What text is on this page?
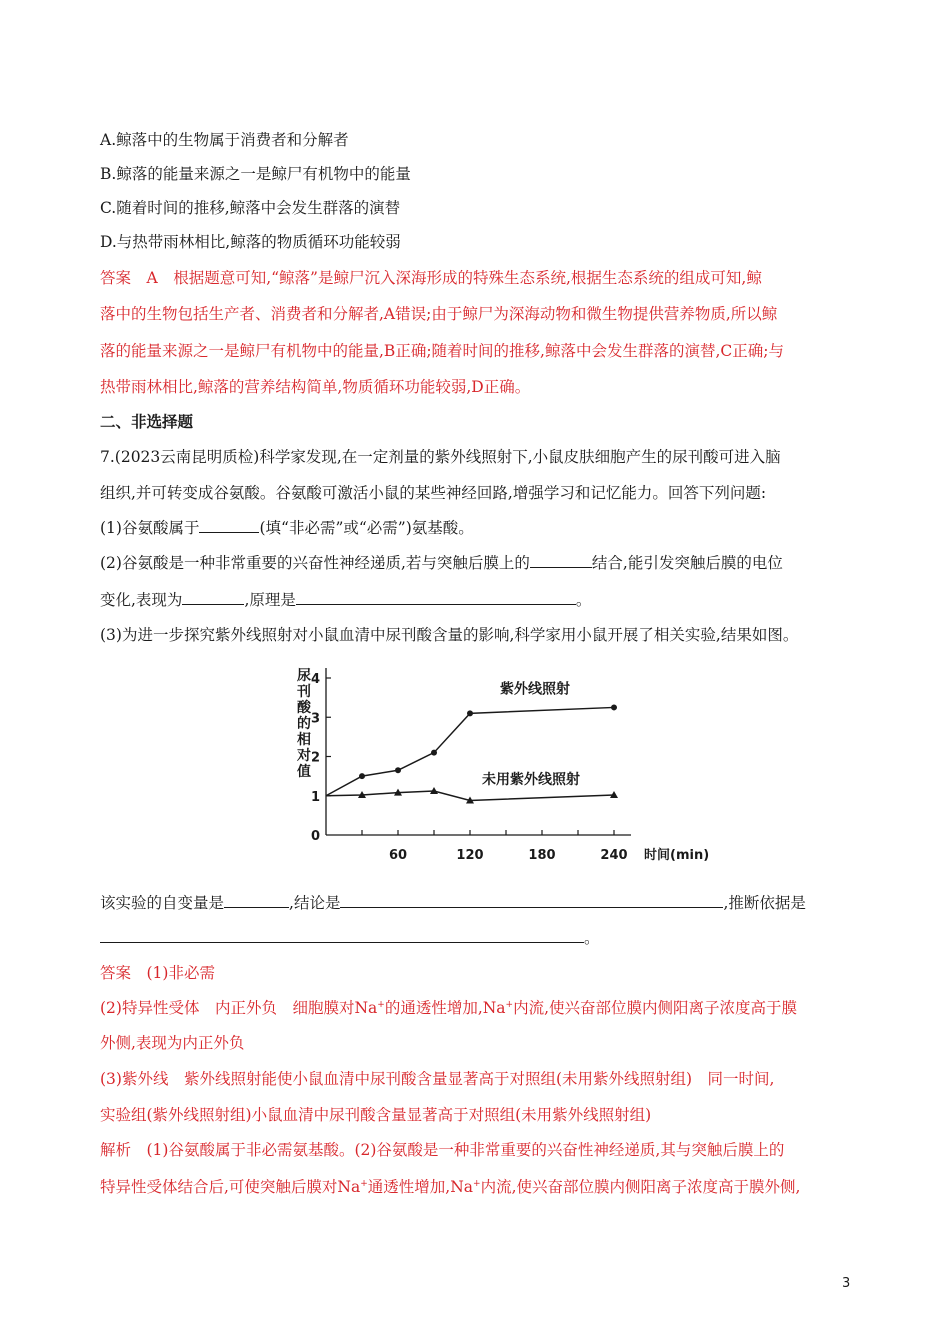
A.鲸落中的生物属于消费者和分解者
B.鲸落的能量来源之一是鲸尸有机物中的能量
C.随着时间的推移,鲸落中会发生群落的演替
D.与热带雨林相比,鲸落的物质循环功能较弱
答案　A　根据题意可知,“鲸落”是鲸尸沉入深海形成的特殊生态系统,根据生态系统的组成可知,鲸
落中的生物包括生产者、消费者和分解者,A错误;由于鲸尸为深海动物和微生物提供营养物质,所以鲸
落的能量来源之一是鲸尸有机物中的能量,B正确;随着时间的推移,鲸落中会发生群落的演替,C正确;与
热带雨林相比,鲸落的营养结构简单,物质循环功能较弱,D正确。
二、非选择题
7.(2023云南昆明质检)科学家发现,在一定剂量的紫外线照射下,小鼠皮肤细胞产生的尿刊酸可进入脑
组织,并可转变成谷氨酸。谷氨酸可激活小鼠的某些神经回路,增强学习和记忆能力。回答下列问题:
(1)谷氨酸属于	(填“非必需”或“必需”)氨基酸。
(2)谷氨酸是一种非常重要的兴奋性神经递质,若与突触后膜上的	结合,能引发突触后膜的电位
变化,表现为	,原理是	。
(3)为进一步探究紫外线照射对小鼠血清中尿刊酸含量的影响,科学家用小鼠开展了相关实验,结果如图。
0
1
2
3
4
60	120	180	240 时间(min)
尿刊酸的相对值
紫外线照射
未用紫外线照射
该实验的自变量是	,结论是	,推断依据是
。
答案　(1)非必需
(2)特异性受体　内正外负　细胞膜对Na+的通透性增加,Na+内流,使兴奋部位膜内侧阳离子浓度高于膜
外侧,表现为内正外负
(3)紫外线　紫外线照射能使小鼠血清中尿刊酸含量显著高于对照组(未用紫外线照射组)　同一时间,
实验组(紫外线照射组)小鼠血清中尿刊酸含量显著高于对照组(未用紫外线照射组)
解析　(1)谷氨酸属于非必需氨基酸。(2)谷氨酸是一种非常重要的兴奋性神经递质,其与突触后膜上的
特异性受体结合后,可使突触后膜对Na+通透性增加,Na+内流,使兴奋部位膜内侧阳离子浓度高于膜外侧,
3
